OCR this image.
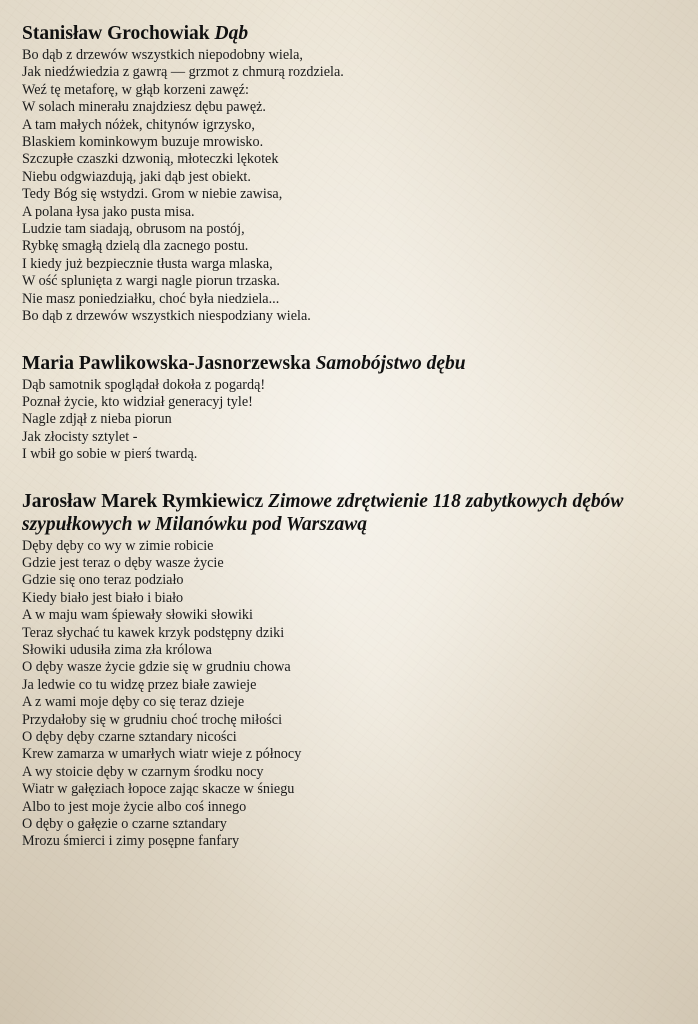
Stanisław Grochowiak Dąb
Bo dąb z drzewów wszystkich niepodobny wiela,
Jak niedźwiedzia z gawrą — grzmot z chmurą rozdziela.
Weź tę metaforę, w głąb korzeni zawęź:
W solach minerału znajdziesz dębu pawęż.
A tam małych nóżek, chitynów igrzysko,
Blaskiem kominkowym buzuje mrowisko.
Szczupłe czaszki dzwonią, młoteczki lękotek
Niebu odgwiazdują, jaki dąb jest obiekt.
Tedy Bóg się wstydzi. Grom w niebie zawisa,
A polana łysa jako pusta misa.
Ludzie tam siadają, obrusom na postój,
Rybkę smagłą dzielą dla zacnego postu.
I kiedy już bezpiecznie tłusta warga mlaska,
W ość splunięta z wargi nagle piorun trzaska.
Nie masz poniedziałku, choć była niedziela...
Bo dąb z drzewów wszystkich niespodziany wiela.
Maria Pawlikowska-Jasnorzewska Samobójstwo dębu
Dąb samotnik spoglądał dokoła z pogardą!
Poznał życie, kto widział generacyj tyle!
Nagle zdjął z nieba piorun
Jak złocisty sztylet -
I wbił go sobie w pierś twardą.
Jarosław Marek Rymkiewicz Zimowe zdrętwienie 118 zabytkowych dębów szypułkowych w Milanówku pod Warszawą
Dęby dęby co wy w zimie robicie
Gdzie jest teraz o dęby wasze życie
Gdzie się ono teraz podziało
Kiedy biało jest biało i biało
A w maju wam śpiewały słowiki słowiki
Teraz słychać tu kawek krzyk podstępny dziki
Słowiki udusiła zima zła królowa
O dęby wasze życie gdzie się w grudniu chowa
Ja ledwie co tu widzę przez białe zawieje
A z wami moje dęby co się teraz dzieje
Przydałoby się w grudniu choć trochę miłości
O dęby dęby czarne sztandary nicości
Krew zamarza w umarłych wiatr wieje z północy
A wy stoicie dęby w czarnym środku nocy
Wiatr w gałęziach łopoce zając skacze w śniegu
Albo to jest moje życie albo coś innego
O dęby o gałęzie o czarne sztandary
Mrozu śmierci i zimy posępne fanfary
